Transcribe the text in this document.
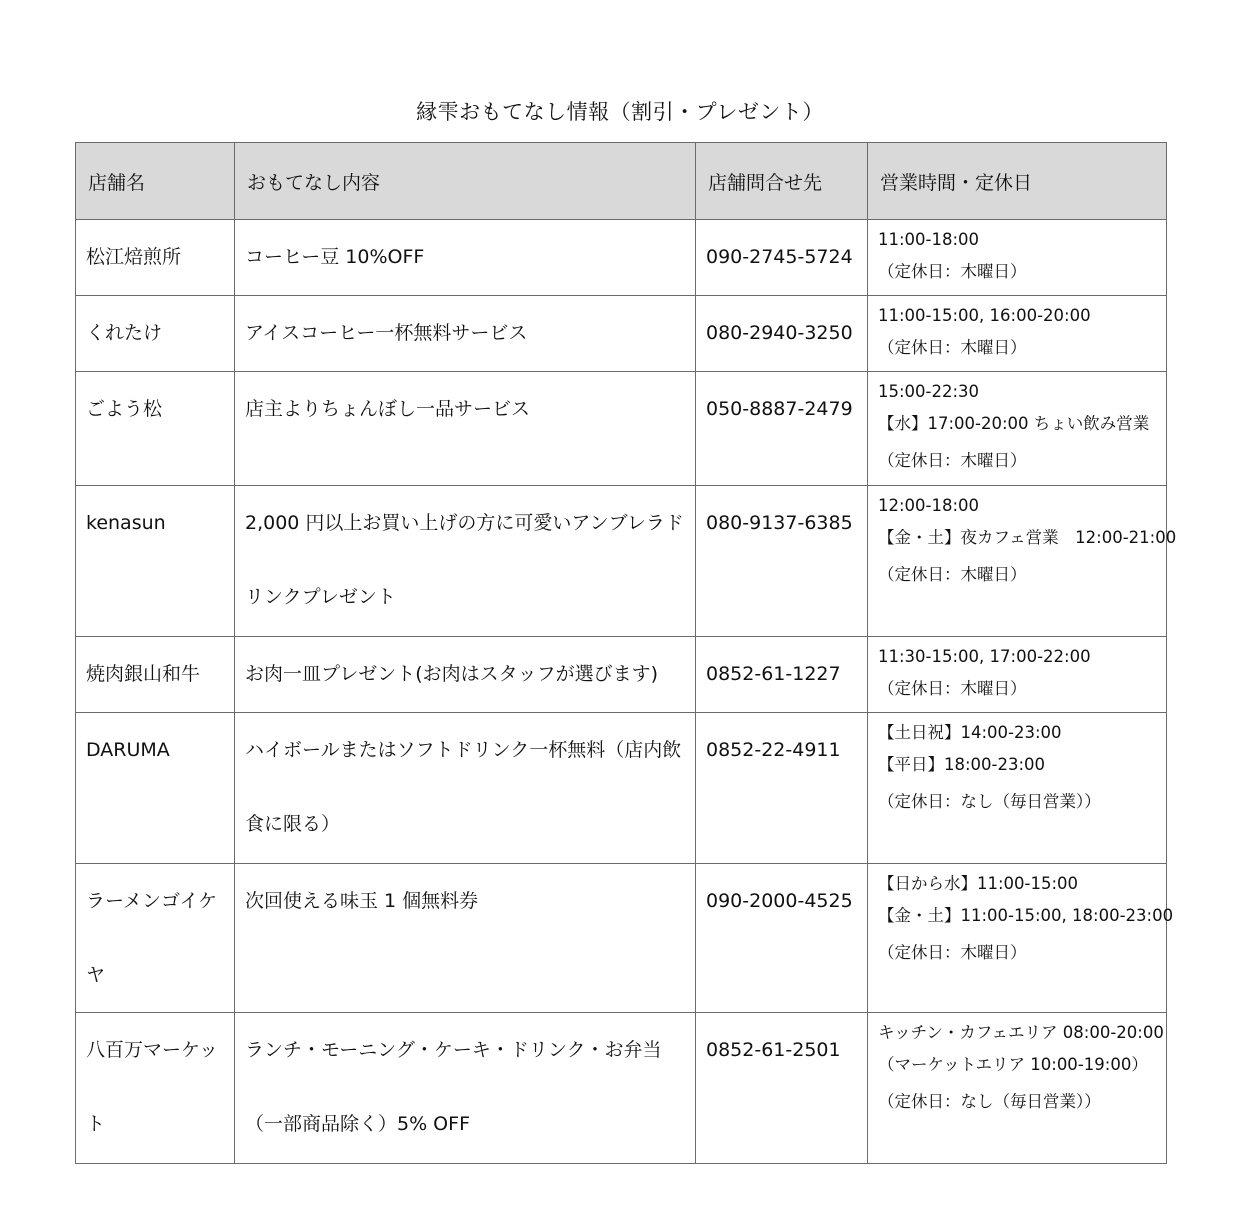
縁雫おもてなし情報（割引・プレゼント）
店舗名	おもてなし内容	店舗問合せ先	営業時間・定休日
松江焙煎所	コーヒー豆 10%OFF	090-2745-5724	11:00-18:00
（定休日：木曜日）

くれたけ	アイスコーヒー一杯無料サービス	080-2940-3250	11:00-15:00, 16:00-20:00
（定休日：木曜日）

ごよう松	店主よりちょんぼし一品サービス	050-8887-2479	15:00-22:30
【水】17:00-20:00 ちょい飲み営業
（定休日：木曜日）

kenasun	2,000 円以上お買い上げの方に可愛いアンブレラドリンクプレゼント	080-9137-6385	12:00-18:00
【金・土】夜カフェ営業　12:00-21:00
（定休日：木曜日）

焼肉銀山和牛	お肉一皿プレゼント(お肉はスタッフが選びます)	0852-61-1227	11:30-15:00, 17:00-22:00
（定休日：木曜日）

DARUMA	ハイボールまたはソフトドリンク一杯無料（店内飲食に限る）	0852-22-4911	【土日祝】14:00-23:00
【平日】18:00-23:00
（定休日：なし（毎日営業））

ラーメンゴイケヤ	次回使える味玉 1 個無料券	090-2000-4525	【日から水】11:00-15:00
【金・土】11:00-15:00, 18:00-23:00
（定休日：木曜日）

八百万マーケット	ランチ・モーニング・ケーキ・ドリンク・お弁当（一部商品除く）5% OFF	0852-61-2501	キッチン・カフェエリア 08:00-20:00
（マーケットエリア 10:00-19:00）
（定休日：なし（毎日営業））
